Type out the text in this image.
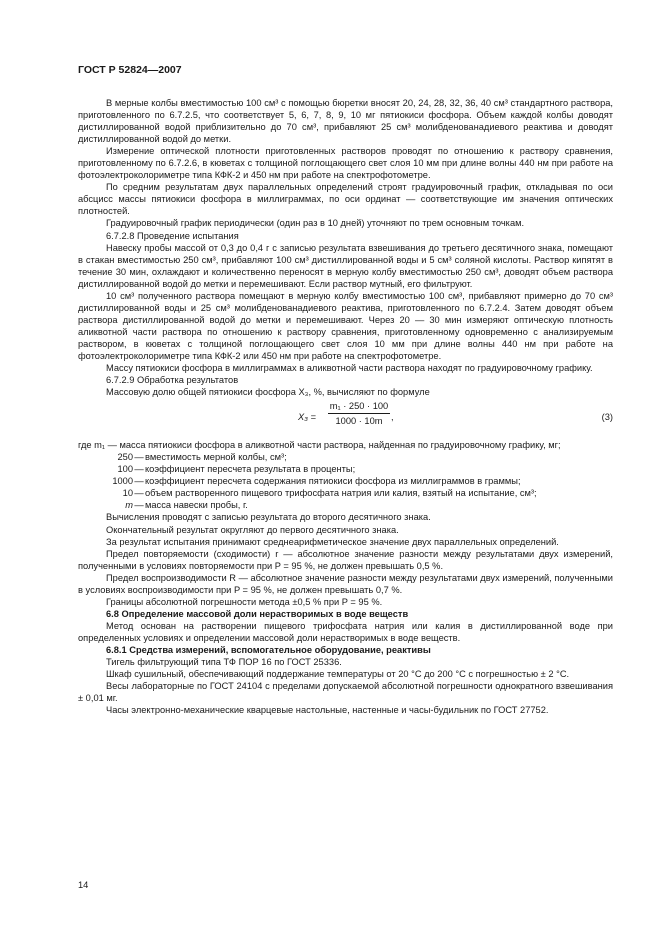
ГОСТ Р 52824—2007

В мерные колбы вместимостью 100 см³ с помощью бюретки вносят 20, 24, 28, 32, 36, 40 см³ стандартного раствора, приготовленного по 6.7.2.5, что соответствует 5, 6, 7, 8, 9, 10 мг пятиокиси фосфора. Объем каждой колбы доводят дистиллированной водой приблизительно до 70 см³, прибавляют 25 см³ молибденованадиевого реактива и доводят дистиллированной водой до метки.

Измерение оптической плотности приготовленных растворов проводят по отношению к раствору сравнения, приготовленному по 6.7.2.6, в кюветах с толщиной поглощающего свет слоя 10 мм при длине волны 440 нм при работе на фотоэлектроколориметре типа КФК-2 и 450 нм при работе на спектрофотометре.

По средним результатам двух параллельных определений строят градуировочный график, откладывая по оси абсцисс массы пятиокиси фосфора в миллиграммах, по оси ординат — соответствующие им значения оптических плотностей.

Градуировочный график периодически (один раз в 10 дней) уточняют по трем основным точкам.

6.7.2.8 Проведение испытания

Навеску пробы массой от 0,3 до 0,4 г с записью результата взвешивания до третьего десятичного знака, помещают в стакан вместимостью 250 см³, прибавляют 100 см³ дистиллированной воды и 5 см³ соляной кислоты. Раствор кипятят в течение 30 мин, охлаждают и количественно переносят в мерную колбу вместимостью 250 см³, доводят объем раствора дистиллированной водой до метки и перемешивают. Если раствор мутный, его фильтруют.

10 см³ полученного раствора помещают в мерную колбу вместимостью 100 см³, прибавляют примерно до 70 см³ дистиллированной воды и 25 см³ молибденованадиевого реактива, приготовленного по 6.7.2.4. Затем доводят объем раствора дистиллированной водой до метки и перемешивают. Через 20 — 30 мин измеряют оптическую плотность аликвотной части раствора по отношению к раствору сравнения, приготовленному одновременно с анализируемым раствором, в кюветах с толщиной поглощающего свет слоя 10 мм при длине волны 440 нм при работе на фотоэлектроколориметре типа КФК-2 или 450 нм при работе на спектрофотометре.

Массу пятиокиси фосфора в миллиграммах в аликвотной части раствора находят по градуировочному графику.

6.7.2.9 Обработка результатов

Массовую долю общей пятиокиси фосфора X₃, %, вычисляют по формуле

$X_3 = \frac{\text{m₁ · 250 · 100}}{1000 \cdot 10m}$ ,	(3)

где m₁ — масса пятиокиси фосфора в аликвотной части раствора, найденная по градуировочному графику, мг;

250 — вместимость мерной колбы, см³;
100 — коэффициент пересчета результата в проценты;
1000 — коэффициент пересчета содержания пятиокиси фосфора из миллиграммов в граммы;
10 — объем растворенного пищевого трифосфата натрия или калия, взятый на испытание, см³;
m — масса навески пробы, г.

Вычисления проводят с записью результата до второго десятичного знака.

Окончательный результат округляют до первого десятичного знака.

За результат испытания принимают среднеарифметическое значение двух параллельных определений.

Предел повторяемости (сходимости) r — абсолютное значение разности между результатами двух измерений, полученными в условиях повторяемости при P = 95 %, не должен превышать 0,5 %.

Предел воспроизводимости R — абсолютное значение разности между результатами двух измерений, полученными в условиях воспроизводимости при P = 95 %, не должен превышать 0,7 %.

Границы абсолютной погрешности метода ±0,5 % при P = 95 %.

6.8 Определение массовой доли нерастворимых в воде веществ

Метод основан на растворении пищевого трифосфата натрия или калия в дистиллированной воде при определенных условиях и определении массовой доли нерастворимых в воде веществ.

6.8.1 Средства измерений, вспомогательное оборудование, реактивы

Тигель фильтрующий типа ТФ ПОР 16 по ГОСТ 25336.

Шкаф сушильный, обеспечивающий поддержание температуры от 20 °С до 200 °С с погрешностью ± 2 °С.

Весы лабораторные по ГОСТ 24104 с пределами допускаемой абсолютной погрешности однократного взвешивания ± 0,01 мг.

Часы электронно-механические кварцевые настольные, настенные и часы-будильник по ГОСТ 27752.

14
